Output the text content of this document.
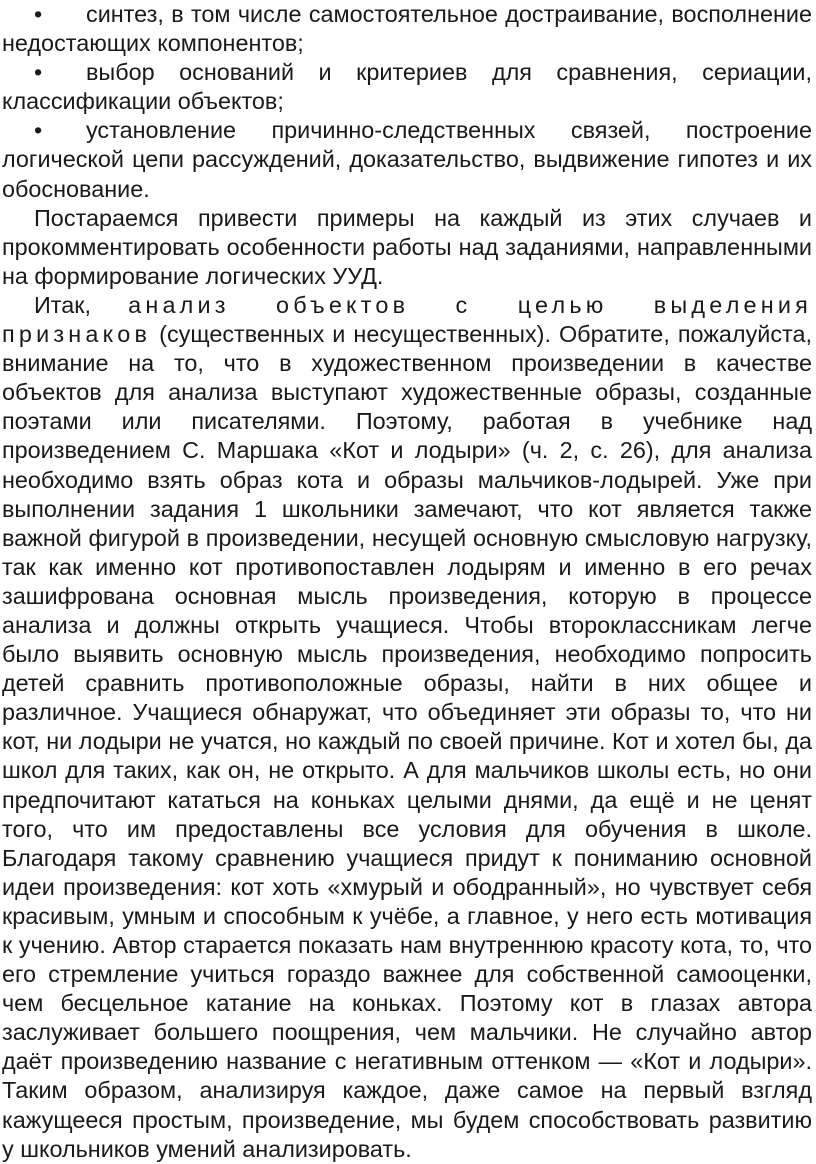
• синтез, в том числе самостоятельное достраивание, восполнение недостающих компонентов;

• выбор оснований и критериев для сравнения, сериации, классификации объектов;

• установление причинно-следственных связей, построение логической цепи рассуждений, доказательство, выдвижение гипотез и их обоснование.

Постараемся привести примеры на каждый из этих случаев и прокомментировать особенности работы над заданиями, направленными на формирование логических УУД.

Итак, анализ объектов с целью выделения признаков (существенных и несущественных). Обратите, пожалуйста, внимание на то, что в художественном произведении в качестве объектов для анализа выступают художественные образы, созданные поэтами или писателями. Поэтому, работая в учебнике над произведением С. Маршака «Кот и лодыри» (ч. 2, с. 26), для анализа необходимо взять образ кота и образы мальчиков-лодырей. Уже при выполнении задания 1 школьники замечают, что кот является также важной фигурой в произведении, несущей основную смысловую нагрузку, так как именно кот противопоставлен лодырям и именно в его речах зашифрована основная мысль произведения, которую в процессе анализа и должны открыть учащиеся. Чтобы второклассникам легче было выявить основную мысль произведения, необходимо попросить детей сравнить противоположные образы, найти в них общее и различное. Учащиеся обнаружат, что объединяет эти образы то, что ни кот, ни лодыри не учатся, но каждый по своей причине. Кот и хотел бы, да школ для таких, как он, не открыто. А для мальчиков школы есть, но они предпочитают кататься на коньках целыми днями, да ещё и не ценят того, что им предоставлены все условия для обучения в школе. Благодаря такому сравнению учащиеся придут к пониманию основной идеи произведения: кот хоть «хмурый и ободранный», но чувствует себя красивым, умным и способным к учёбе, а главное, у него есть мотивация к учению. Автор старается показать нам внутреннюю красоту кота, то, что его стремление учиться гораздо важнее для собственной самооценки, чем бесцельное катание на коньках. Поэтому кот в глазах автора заслуживает большего поощрения, чем мальчики. Не случайно автор даёт произведению название с негативным оттенком — «Кот и лодыри». Таким образом, анализируя каждое, даже самое на первый взгляд кажущееся простым, произведение, мы будем способствовать развитию у школьников умений анализировать.
